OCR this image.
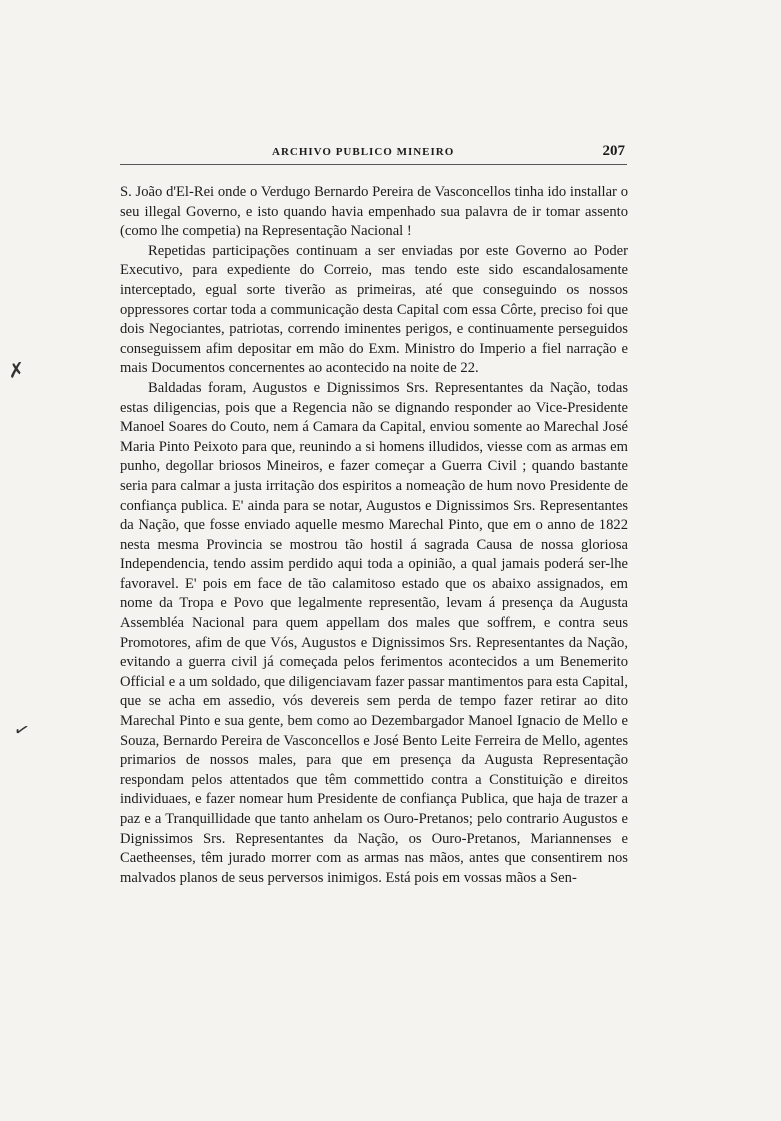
ARCHIVO PUBLICO MINEIRO	207
✗
✓

S. João d'El-Rei onde o Verdugo Bernardo Pereira de Vasconcellos tinha ido installar o seu illegal Governo, e isto quando havia empenhado sua palavra de ir tomar assento (como lhe competia) na Representação Nacional !

Repetidas participações continuam a ser enviadas por este Governo ao Poder Executivo, para expediente do Correio, mas tendo este sido escandalosamente interceptado, egual sorte tiverão as primeiras, até que conseguindo os nossos oppressores cortar toda a communicação desta Capital com essa Côrte, preciso foi que dois Negociantes, patriotas, correndo iminentes perigos, e continuamente perseguidos conseguissem afim depositar em mão do Exm. Ministro do Imperio a fiel narração e mais Documentos concernentes ao acontecido na noite de 22.

Baldadas foram, Augustos e Dignissimos Srs. Representantes da Nação, todas estas diligencias, pois que a Regencia não se dignando responder ao Vice-Presidente Manoel Soares do Couto, nem á Camara da Capital, enviou somente ao Marechal José Maria Pinto Peixoto para que, reunindo a si homens illudidos, viesse com as armas em punho, degollar briosos Mineiros, e fazer começar a Guerra Civil ; quando bastante seria para calmar a justa irritação dos espiritos a nomeação de hum novo Presidente de confiança publica. E' ainda para se notar, Augustos e Dignissimos Srs. Representantes da Nação, que fosse enviado aquelle mesmo Marechal Pinto, que em o anno de 1822 nesta mesma Provincia se mostrou tão hostil á sagrada Causa de nossa gloriosa Independencia, tendo assim perdido aqui toda a opinião, a qual jamais poderá ser-lhe favoravel. E' pois em face de tão calamitoso estado que os abaixo assignados, em nome da Tropa e Povo que legalmente representão, levam á presença da Augusta Assembléa Nacional para quem appellam dos males que soffrem, e contra seus Promotores, afim de que Vós, Augustos e Dignissimos Srs. Representantes da Nação, evitando a guerra civil já começada pelos ferimentos acontecidos a um Benemerito Official e a um soldado, que diligenciavam fazer passar mantimentos para esta Capital, que se acha em assedio, vós devereis sem perda de tempo fazer retirar ao dito Marechal Pinto e sua gente, bem como ao Dezembargador Manoel Ignacio de Mello e Souza, Bernardo Pereira de Vasconcellos e José Bento Leite Ferreira de Mello, agentes primarios de nossos males, para que em presença da Augusta Representação respondam pelos attentados que têm commettido contra a Constituição e direitos individuaes, e fazer nomear hum Presidente de confiança Publica, que haja de trazer a paz e a Tranquillidade que tanto anhelam os Ouro-Pretanos; pelo contrario Augustos e Dignissimos Srs. Representantes da Nação, os Ouro-Pretanos, Mariannenses e Caetheenses, têm jurado morrer com as armas nas mãos, antes que consentirem nos malvados planos de seus perversos inimigos. Está pois em vossas mãos a Sen-
